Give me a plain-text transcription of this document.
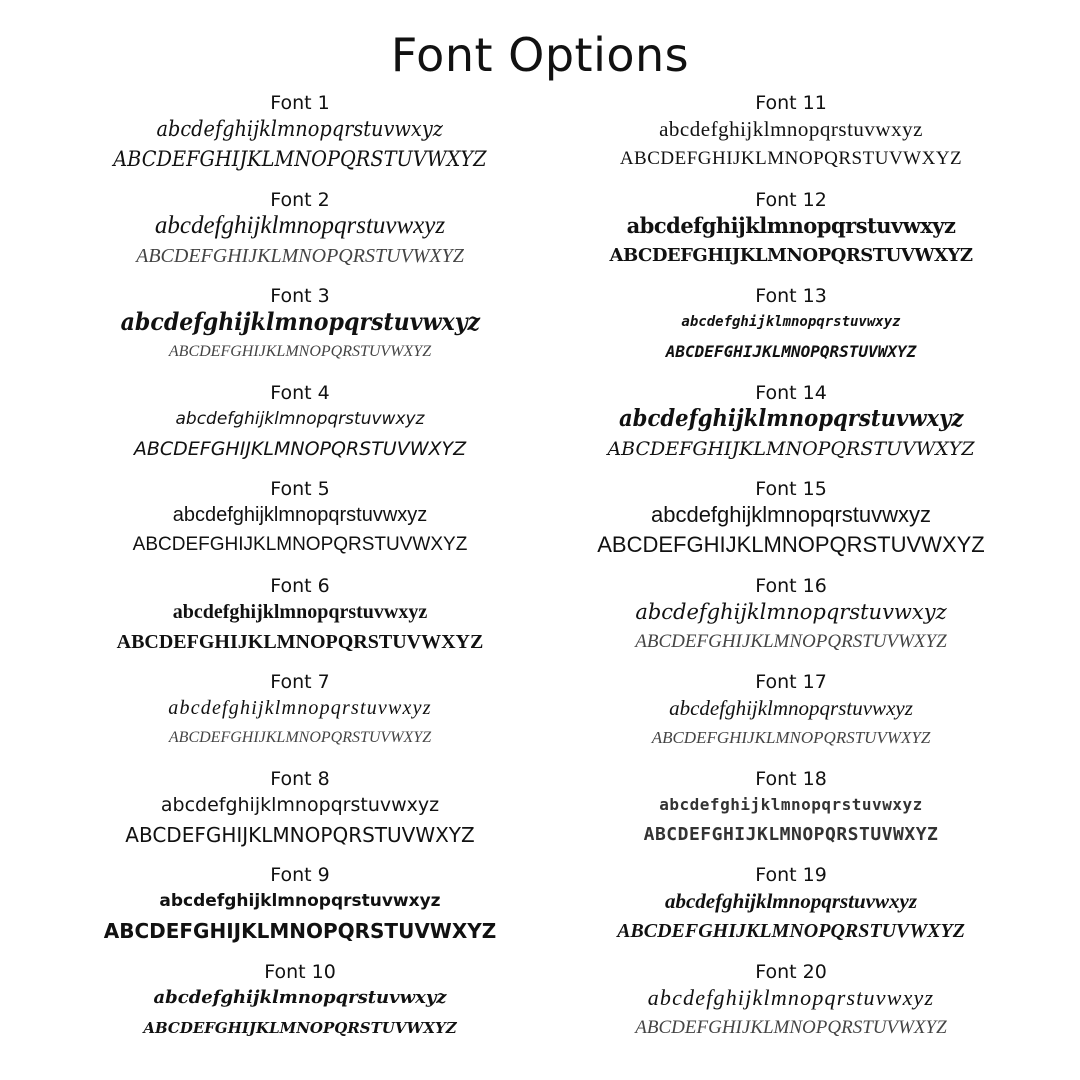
Font Options
Font 1
abcdefghijklmnopqrstuvwxyz
ABCDEFGHIJKLMNOPQRSTUVWXYZ
Font 2
abcdefghijklmnopqrstuvwxyz
ABCDEFGHIJKLMNOPQRSTUVWXYZ
Font 3
abcdefghijklmnopqrstuvwxyz
ABCDEFGHIJKLMNOPQRSTUVWXYZ
Font 4
abcdefghijklmnopqrstuvwxyz
ABCDEFGHIJKLMNOPQRSTUVWXYZ
Font 5
abcdefghijklmnopqrstuvwxyz
ABCDEFGHIJKLMNOPQRSTUVWXYZ
Font 6
abcdefghijklmnopqrstuvwxyz
ABCDEFGHIJKLMNOPQRSTUVWXYZ
Font 7
abcdefghijklmnopqrstuvwxyz
ABCDEFGHIJKLMNOPQRSTUVWXYZ
Font 8
abcdefghijklmnopqrstuvwxyz
ABCDEFGHIJKLMNOPQRSTUVWXYZ
Font 9
abcdefghijklmnopqrstuvwxyz
ABCDEFGHIJKLMNOPQRSTUVWXYZ
Font 10
abcdefghijklmnopqrstuvwxyz
ABCDEFGHIJKLMNOPQRSTUVWXYZ
Font 11
abcdefghijklmnopqrstuvwxyz
ABCDEFGHIJKLMNOPQRSTUVWXYZ
Font 12
abcdefghijklmnopqrstuvwxyz
ABCDEFGHIJKLMNOPQRSTUVWXYZ
Font 13
abcdefghijklmnopqrstuvwxyz
ABCDEFGHIJKLMNOPQRSTUVWXYZ
Font 14
abcdefghijklmnopqrstuvwxyz
ABCDEFGHIJKLMNOPQRSTUVWXYZ
Font 15
abcdefghijklmnopqrstuvwxyz
ABCDEFGHIJKLMNOPQRSTUVWXYZ
Font 16
abcdefghijklmnopqrstuvwxyz
ABCDEFGHIJKLMNOPQRSTUVWXYZ
Font 17
abcdefghijklmnopqrstuvwxyz
ABCDEFGHIJKLMNOPQRSTUVWXYZ
Font 18
abcdefghijklmnopqrstuvwxyz
ABCDEFGHIJKLMNOPQRSTUVWXYZ
Font 19
abcdefghijklmnopqrstuvwxyz
ABCDEFGHIJKLMNOPQRSTUVWXYZ
Font 20
abcdefghijklmnopqrstuvwxyz
ABCDEFGHIJKLMNOPQRSTUVWXYZ
